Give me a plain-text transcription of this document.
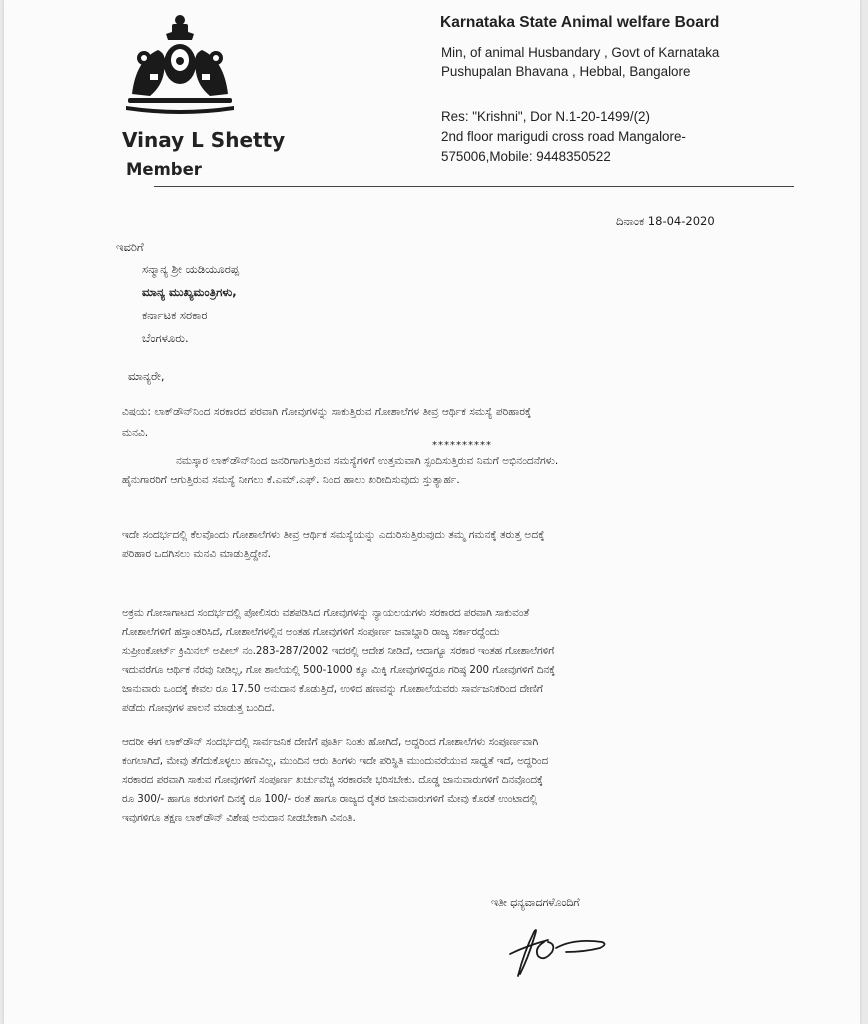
Karnataka State Animal welfare Board
Min, of animal Husbandary , Govt of Karnataka
Pushupalan Bhavana , Hebbal, Bangalore
Res: "Krishni", Dor N.1-20-1499/(2)
2nd floor marigudi cross road Mangalore-
575006,Mobile: 9448350522
Vinay L Shetty
Member
ದಿನಾಂಕ 18-04-2020
ಇವರಿಗೆ
ಸನ್ಮಾನ್ಯ ಶ್ರೀ ಯಡಿಯೂರಪ್ಪ
ಮಾನ್ಯ ಮುಖ್ಯಮಂತ್ರಿಗಳು,
ಕರ್ನಾಟಕ ಸರಕಾರ
ಬೆಂಗಳೂರು.
ಮಾನ್ಯರೇ,
ವಿಷಯ: ಲಾಕ್‌ಡೌನ್‌ನಿಂದ ಸರಕಾರದ ಪರವಾಗಿ ಗೋವುಗಳನ್ನು ಸಾಕುತ್ತಿರುವ ಗೋಶಾಲೆಗಳ ತೀವ್ರ ಆರ್ಥಿಕ ಸಮಸ್ಯೆ ಪರಿಹಾರಕ್ಕೆ
ಮನವಿ.
**********
ನಮಸ್ಕಾರ ಲಾಕ್‌ಡೌನ್‌ನಿಂದ ಜನರಿಗಾಗುತ್ತಿರುವ ಸಮಸ್ಯೆಗಳಿಗೆ ಉತ್ತಮವಾಗಿ ಸ್ಪಂದಿಸುತ್ತಿರುವ ನಿಮಗೆ ಅಭಿನಂದನೆಗಳು.
ಹೈನುಗಾರರಿಗೆ ಆಗುತ್ತಿರುವ ಸಮಸ್ಯೆ ನೀಗಲು ಕೆ.ಎಮ್.ಎಫ್. ನಿಂದ ಹಾಲು ಖರೀದಿಸುವುದು ಸ್ತುತ್ಯಾರ್ಹ.
ಇದೇ ಸಂದರ್ಭದಲ್ಲಿ ಕೆಲವೊಂದು ಗೋಶಾಲೆಗಳು ತೀವ್ರ ಆರ್ಥಿಕ ಸಮಸ್ಯೆಯನ್ನು ಎದುರಿಸುತ್ತಿರುವುದು ತಮ್ಮ ಗಮನಕ್ಕೆ ತರುತ್ತ ಅದಕ್ಕೆ
ಪರಿಹಾರ ಒದಗಿಸಲು ಮನವಿ ಮಾಡುತ್ತಿದ್ದೇನೆ.
ಅಕ್ರಮ ಗೋಸಾಗಾಟದ ಸಂದರ್ಭದಲ್ಲಿ ಪೋಲಿಸರು ವಶಪಡಿಸಿದ ಗೋವುಗಳನ್ನು ನ್ಯಾಯಲಯಗಳು ಸರಕಾರದ ಪರವಾಗಿ ಸಾಕುವಂತೆ
ಗೋಶಾಲೆಗಳಿಗೆ ಹಸ್ತಾಂತರಿಸಿದೆ, ಗೋಶಾಲೆಗಳಲ್ಲಿನ ಅಂತಹ ಗೋವುಗಳಿಗೆ ಸಂಪೂರ್ಣ ಜವಾಬ್ದಾರಿ ರಾಜ್ಯ ಸರ್ಕಾರದ್ದೆಂದು
ಸುಪ್ರೀಂಕೋರ್ಟ್ ಕ್ರಿಮಿನಲ್ ಅಪೀಲ್ ನಂ.283-287/2002 ಇದರಲ್ಲಿ ಆದೇಶ ನೀಡಿದೆ, ಆದಾಗ್ಯೂ ಸರಕಾರ ಇಂತಹ ಗೋಶಾಲೆಗಳಿಗೆ
ಇದುವರೆಗೂ ಆರ್ಥಿಕ ನೆರವು ನೀಡಿಲ್ಲ, ಗೋ ಶಾಲೆಯಲ್ಲಿ 500-1000 ಕ್ಕೂ ಮಿಕ್ಕಿ ಗೋವುಗಳಿದ್ದರೂ ಗರಿಷ್ಠ 200 ಗೋವುಗಳಿಗೆ ದಿನಕ್ಕೆ
ಜಾನುವಾರು ಒಂದಕ್ಕೆ ಕೇವಲ ರೂ 17.50 ಅನುದಾನ ಕೊಡುತ್ತಿದೆ, ಉಳಿದ ಹಣವನ್ನು ಗೋಶಾಲೆಯವರು ಸಾರ್ವಜನಿಕರಿಂದ ದೇಣಿಗೆ
ಪಡೆದು ಗೋವುಗಳ ಪಾಲನೆ ಮಾಡುತ್ತ ಬಂದಿದೆ.
ಆದರೀ ಈಗ ಲಾಕ್‌ಡೌನ್ ಸಂದರ್ಭದಲ್ಲಿ ಸಾರ್ವಜನಿಕ ದೇಣಿಗೆ ಪೂರ್ತಿ ನಿಂತು ಹೋಗಿದೆ, ಅದ್ದರಿಂದ ಗೋಶಾಲೆಗಳು ಸಂಪೂರ್ಣವಾಗಿ
ಕಂಗಲಾಗಿದೆ, ಮೇವು ತೆಗೆದುಕೊಳ್ಳಲು ಹಣವಿಲ್ಲ, ಮುಂದಿನ ಆರು ತಿಂಗಳು ಇದೇ ಪರಿಸ್ಥಿತಿ ಮುಂದುವರೆಯುವ ಸಾಧ್ಯತೆ ಇದೆ, ಅದ್ದರಿಂದ
ಸರಕಾರದ ಪರವಾಗಿ ಸಾಕುವ ಗೋವುಗಳಿಗೆ ಸಂಪೂರ್ಣ ಖರ್ಚುವೆಚ್ಚ ಸರಕಾರವೇ ಭರಿಸಬೇಕು. ದೊಡ್ಡ ಜಾನುವಾರುಗಳಿಗೆ ದಿನವೊಂದಕ್ಕೆ
ರೂ 300/- ಹಾಗೂ ಕರುಗಳಿಗೆ ದಿನಕ್ಕೆ ರೂ 100/- ರಂತೆ ಹಾಗೂ ರಾಜ್ಯದ ರೈತರ ಜಾನುವಾರುಗಳಿಗೆ ಮೇವು ಕೊರತೆ ಉಂಟಾದಲ್ಲಿ
ಇವುಗಳಿಗೂ ತಕ್ಷಣ ಲಾಕ್‌ಡೌನ್ ವಿಶೇಷ ಅನುದಾನ ನೀಡಬೇಕಾಗಿ ವಿನಂತಿ.
ಇತೀ ಧನ್ಯವಾದಗಳೊಂದಿಗೆ
